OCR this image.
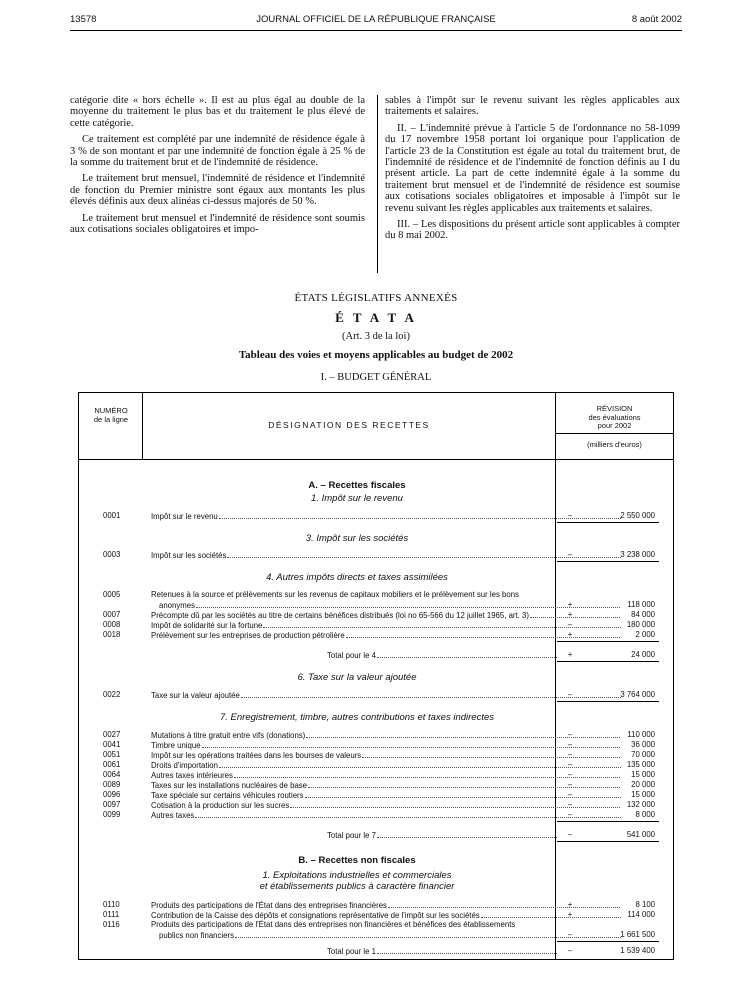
13578	JOURNAL OFFICIEL DE LA RÉPUBLIQUE FRANÇAISE	8 août 2002

catégorie dite « hors échelle ». Il est au plus égal au double de la moyenne du traitement le plus bas et du traitement le plus élevé de cette catégorie.

Ce traitement est complété par une indemnité de résidence égale à 3 % de son montant et par une indemnité de fonction égale à 25 % de la somme du traitement brut et de l'indemnité de résidence.

Le traitement brut mensuel, l'indemnité de résidence et l'indemnité de fonction du Premier ministre sont égaux aux montants les plus élevés définis aux deux alinéas ci-dessus majorés de 50 %.

Le traitement brut mensuel et l'indemnité de résidence sont soumis aux cotisations sociales obligatoires et impo-

sables à l'impôt sur le revenu suivant les règles applicables aux traitements et salaires.

II. – L'indemnité prévue à l'article 5 de l'ordonnance no 58-1099 du 17 novembre 1958 portant loi organique pour l'application de l'article 23 de la Constitution est égale au total du traitement brut, de l'indemnité de résidence et de l'indemnité de fonction définis au I du présent article. La part de cette indemnité égale à la somme du traitement brut mensuel et de l'indemnité de résidence est soumise aux cotisations sociales obligatoires et imposable à l'impôt sur le revenu suivant les règles applicables aux traitements et salaires.

III. – Les dispositions du présent article sont applicables à compter du 8 mai 2002.

ÉTATS LÉGISLATIFS ANNEXÉS
É T A T A
(Art. 3 de la loi)
Tableau des voies et moyens applicables au budget de 2002
I. – BUDGET GÉNÉRAL
NUMÉRO
de la ligne
DÉSIGNATION DES RECETTES
RÉVISION
des évaluations
pour 2002
(milliers d'euros)
A. – Recettes fiscales
1. Impôt sur le revenu
0001	Impôt sur le revenu	–	2 550 000
3. Impôt sur les sociétés
0003	Impôt sur les sociétés	–	3 238 000
4. Autres impôts directs et taxes assimilées
Retenues à la source et prélèvements sur les revenus de capitaux mobiliers et le prélèvement sur les bons
0005
anonymes	+	118 000
0007	Précompte dû par les sociétés au titre de certains bénéfices distribués (loi no 65-566 du 12 juillet 1965, art. 3)	+	84 000
0008	Impôt de solidarité sur la fortune	–	180 000
0018	Prélèvement sur les entreprises de production pétrolière	+	2 000
Total pour le 4	+	24 000
6. Taxe sur la valeur ajoutée
0022	Taxe sur la valeur ajoutée	–	3 764 000
7. Enregistrement, timbre, autres contributions et taxes indirectes
0027	Mutations à titre gratuit entre vifs (donations)	–	110 000
0041	Timbre unique	–	36 000
0051	Impôt sur les opérations traitées dans les bourses de valeurs	–	70 000
0061	Droits d'importation	–	135 000
0064	Autres taxes intérieures	–	15 000
0089	Taxes sur les installations nucléaires de base	–	20 000
0096	Taxe spéciale sur certains véhicules routiers	–	15 000
0097	Cotisation à la production sur les sucres	–	132 000
0099	Autres taxes	–	8 000
Total pour le 7	–	541 000
B. – Recettes non fiscales
1. Exploitations industrielles et commerciales
et établissements publics à caractère financier
0110	Produits des participations de l'État dans des entreprises financières	+	8 100
0111	Contribution de la Caisse des dépôts et consignations représentative de l'impôt sur les sociétés	+	114 000
Produits des participations de l'État dans des entreprises non financières et bénéfices des établissements
0116
publics non financiers	–	1 661 500
Total pour le 1	–	1 539 400
